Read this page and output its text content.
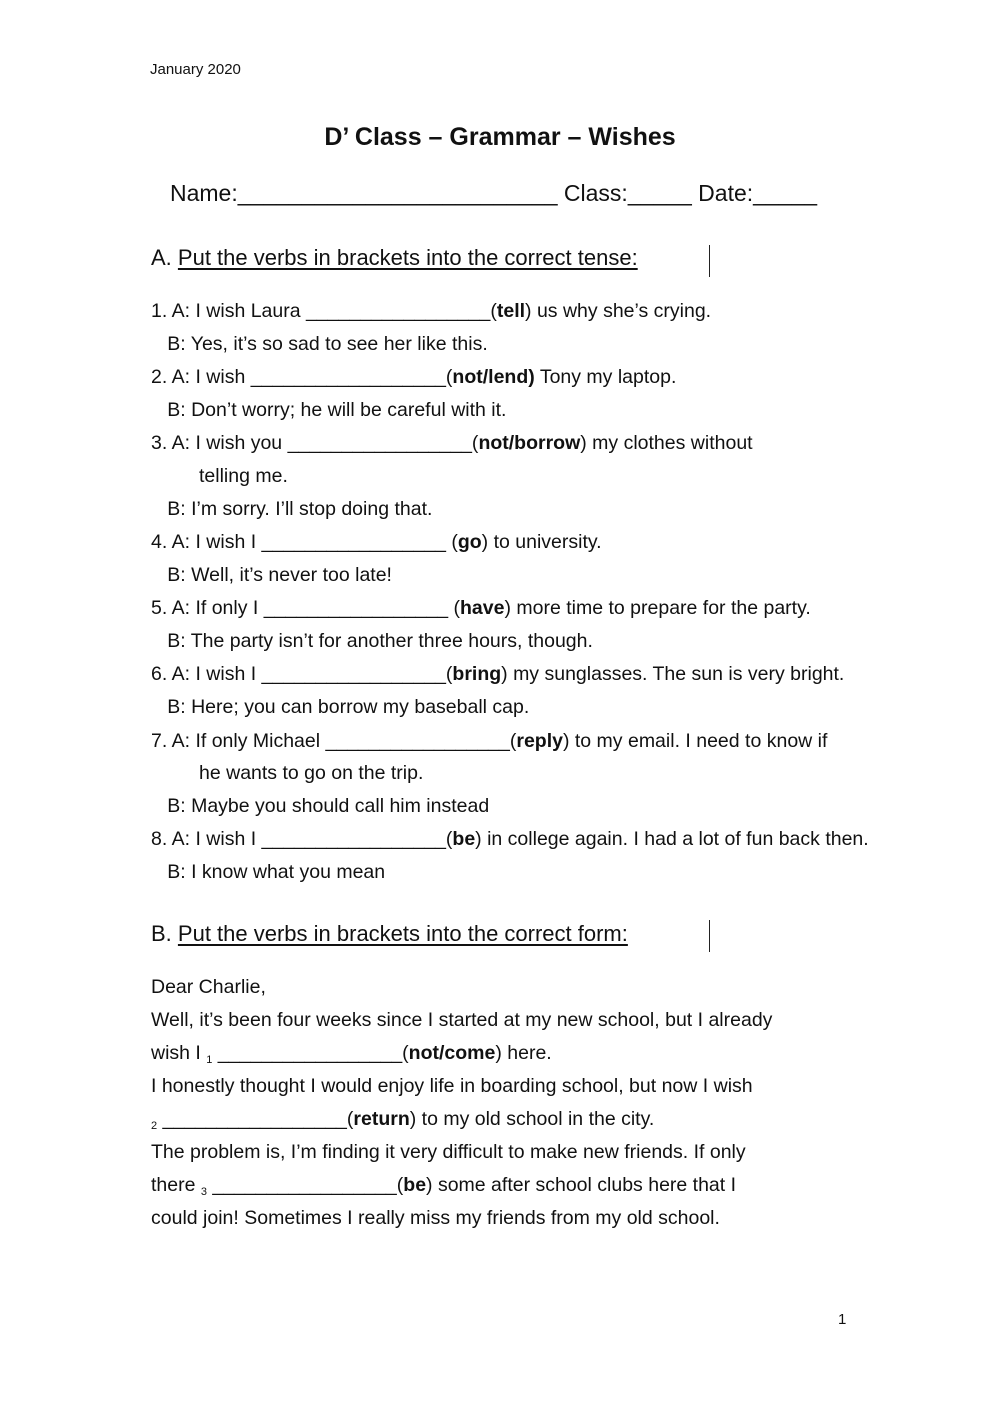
January 2020
D’ Class – Grammar – Wishes
Name:_________________________ Class:_____ Date:_____
A. Put the verbs in brackets into the correct tense:
1. A: I wish Laura _________________(tell) us why she’s crying.
B: Yes, it’s so sad to see her like this.
2. A: I wish __________________(not/lend) Tony my laptop.
B: Don’t worry; he will be careful with it.
3. A: I wish you _________________(not/borrow) my clothes without
telling me.
B: I’m sorry. I’ll stop doing that.
4. A: I wish I _________________ (go) to university.
B: Well, it’s never too late!
5. A: If only I _________________ (have) more time to prepare for the party.
B: The party isn’t for another three hours, though.
6. A: I wish I _________________(bring) my sunglasses. The sun is very bright.
B: Here; you can borrow my baseball cap.
7. A: If only Michael _________________(reply) to my email. I need to know if
he wants to go on the trip.
B: Maybe you should call him instead
8. A: I wish I _________________(be) in college again. I had a lot of fun back then.
B: I know what you mean
B. Put the verbs in brackets into the correct form:
Dear Charlie,
Well, it’s been four weeks since I started at my new school, but I already
wish I $_1$ _________________(not/come) here.
I honestly thought I would enjoy life in boarding school, but now I wish
$_2$ _________________(return) to my old school in the city.
The problem is, I’m finding it very difficult to make new friends. If only
there $_3$ _________________(be) some after school clubs here that I
could join! Sometimes I really miss my friends from my old school.
1
